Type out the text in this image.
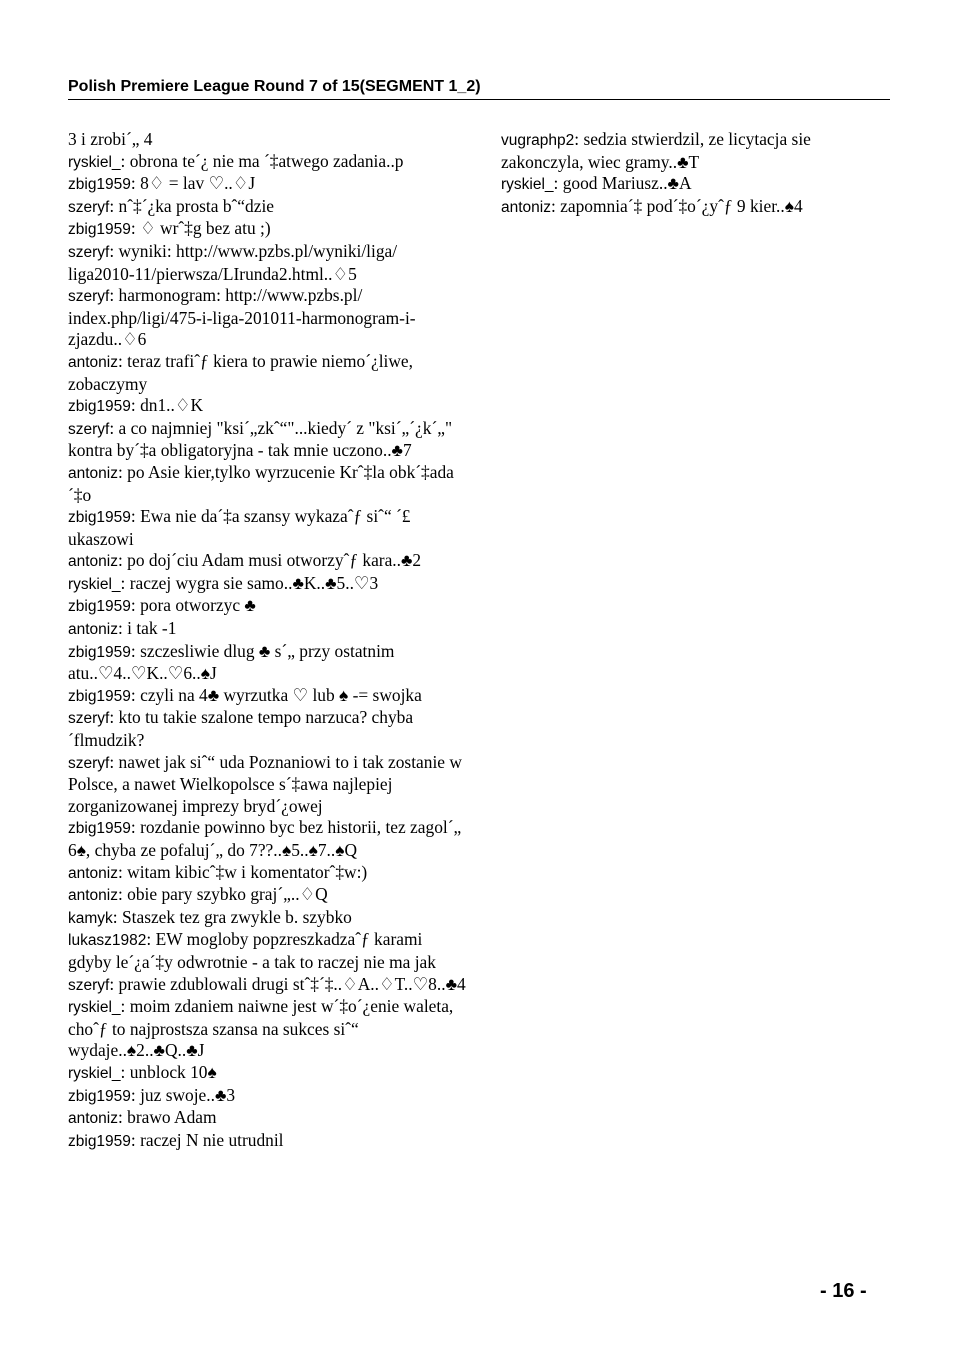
Polish Premiere League Round 7 of 15(SEGMENT 1_2)

3 i zrobi´„ 4

ryskiel_: obrona te´¿ nie ma ´‡atwego zadania..p

zbig1959: 8♢ = lav ♡..♢J

szeryf: nˆ‡´¿ka prosta bˆ“dzie

zbig1959: ♢ wrˆ‡g bez atu ;)

szeryf: wyniki: http://www.pzbs.pl/wyniki/liga/ liga2010-11/pierwsza/LIrunda2.html..♢5

szeryf: harmonogram: http://www.pzbs.pl/ index.php/ligi/475-i-liga-201011-harmonogram-i-zjazdu..♢6

antoniz: teraz trafiˆƒ kiera to prawie niemo´¿liwe, zobaczymy

zbig1959: dn1..♢K

szeryf: a co najmniej "ksi´„zkˆ“"...kiedy´ z "ksi´„´¿k´„" kontra by´‡a obligatoryjna - tak mnie uczono..♣7

antoniz: po Asie kier,tylko wyrzucenie Krˆ‡la obk´‡ada´‡o

zbig1959: Ewa nie da´‡a szansy wykazaˆƒ siˆ“ ´£ ukaszowi

antoniz: po doj´ciu Adam musi otworzyˆƒ kara..♣2

ryskiel_: raczej wygra sie samo..♣K..♣5..♡3

zbig1959: pora otworzyc ♣

antoniz: i tak -1

zbig1959: szczesliwie dlug ♣ s´„ przy ostatnim atu..♡4..♡K..♡6..♠J

zbig1959: czyli na 4♣ wyrzutka ♡ lub ♠ -= swojka

szeryf: kto tu takie szalone tempo narzuca? chyba ´flmudzik?

szeryf: nawet jak siˆ“ uda Poznaniowi to i tak zostanie w Polsce, a nawet Wielkopolsce s´‡awa najlepiej zorganizowanej imprezy bryd´¿owej

zbig1959: rozdanie powinno byc bez historii, tez zagol´„ 6♠, chyba ze pofaluj´„ do 7??..♠5..♠7..♠Q

antoniz: witam kibicˆ‡w i komentatorˆ‡w:)

antoniz: obie pary szybko graj´„..♢Q

kamyk: Staszek tez gra zwykle b. szybko

lukasz1982: EW mogloby popzreszkadzaˆƒ karami gdyby le´¿a´‡y odwrotnie - a tak to raczej nie ma jak

szeryf: prawie zdublowali drugi stˆ‡´‡..♢A..♢T..♡8..♣4

ryskiel_: moim zdaniem naiwne jest w´‡o´¿enie waleta, choˆƒ to najprostsza szansa na sukces siˆ“ wydaje..♠2..♣Q..♣J

ryskiel_: unblock 10♠

zbig1959: juz swoje..♣3

antoniz: brawo Adam

zbig1959: raczej N nie utrudnil

vugraphp2: sedzia stwierdzil, ze licytacja sie zakonczyla, wiec gramy..♣T

ryskiel_: good Mariusz..♣A

antoniz: zapomnia´‡ pod´‡o´¿yˆƒ 9 kier..♠4

- 16 -
